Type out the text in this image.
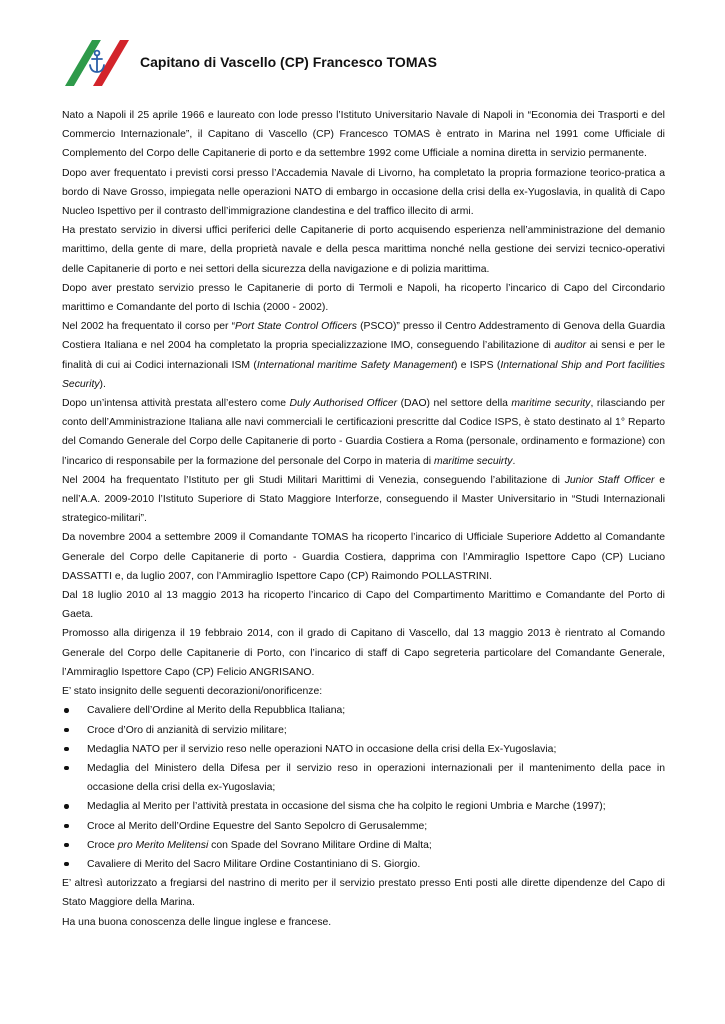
Capitano di Vascello (CP) Francesco TOMAS

Nato a Napoli il 25 aprile 1966 e laureato con lode presso l’Istituto Universitario Navale di Napoli in “Economia dei Trasporti e del Commercio Internazionale”, il Capitano di Vascello (CP) Francesco TOMAS è entrato in Marina nel 1991 come Ufficiale di Complemento del Corpo delle Capitanerie di porto e da settembre 1992 come Ufficiale a nomina diretta in servizio permanente.

Dopo aver frequentato i previsti corsi presso l’Accademia Navale di Livorno, ha completato la propria formazione teorico-pratica a bordo di Nave Grosso, impiegata nelle operazioni NATO di embargo in occasione della crisi della ex-Yugoslavia, in qualità di Capo Nucleo Ispettivo per il contrasto dell’immigrazione clandestina e del traffico illecito di armi.

Ha prestato servizio in diversi uffici periferici delle Capitanerie di porto acquisendo esperienza nell’amministrazione del demanio marittimo, della gente di mare, della proprietà navale e della pesca marittima nonché nella gestione dei servizi tecnico-operativi delle Capitanerie di porto e nei settori della sicurezza della navigazione e di polizia marittima.

Dopo aver prestato servizio presso le Capitanerie di porto di Termoli e Napoli, ha ricoperto l’incarico di Capo del Circondario marittimo e Comandante del porto di Ischia (2000 - 2002).

Nel 2002 ha frequentato il corso per “Port State Control Officers (PSCO)” presso il Centro Addestramento di Genova della Guardia Costiera Italiana e nel 2004 ha completato la propria specializzazione IMO, conseguendo l’abilitazione di auditor ai sensi e per le finalità di cui ai Codici internazionali ISM (International maritime Safety Management) e ISPS (International Ship and Port facilities Security).

Dopo un’intensa attività prestata all’estero come Duly Authorised Officer (DAO) nel settore della maritime security, rilasciando per conto dell’Amministrazione Italiana alle navi commerciali le certificazioni prescritte dal Codice ISPS, è stato destinato al 1° Reparto del Comando Generale del Corpo delle Capitanerie di porto - Guardia Costiera a Roma (personale, ordinamento e formazione) con l’incarico di responsabile per la formazione del personale del Corpo in materia di maritime secuirty.

Nel 2004 ha frequentato l’Istituto per gli Studi Militari Marittimi di Venezia, conseguendo l’abilitazione di Junior Staff Officer e nell’A.A. 2009-2010 l’Istituto Superiore di Stato Maggiore Interforze, conseguendo il Master Universitario in “Studi Internazionali strategico-militari”.

Da novembre 2004 a settembre 2009 il Comandante TOMAS ha ricoperto l’incarico di Ufficiale Superiore Addetto al Comandante Generale del Corpo delle Capitanerie di porto - Guardia Costiera, dapprima con l’Ammiraglio Ispettore Capo (CP) Luciano DASSATTI e, da luglio 2007, con l’Ammiraglio Ispettore Capo (CP) Raimondo POLLASTRINI.

Dal 18 luglio 2010 al 13 maggio 2013 ha ricoperto l’incarico di Capo del Compartimento Marittimo e Comandante del Porto di Gaeta.

Promosso alla dirigenza il 19 febbraio 2014, con il grado di Capitano di Vascello, dal 13 maggio 2013 è rientrato al Comando Generale del Corpo delle Capitanerie di Porto, con l’incarico di staff di Capo segreteria particolare del Comandante Generale, l’Ammiraglio Ispettore Capo (CP) Felicio ANGRISANO.

E’ stato insignito delle seguenti decorazioni/onorificenze:

Cavaliere dell’Ordine al Merito della Repubblica Italiana;
Croce d’Oro di anzianità di servizio militare;
Medaglia NATO per il servizio reso nelle operazioni NATO in occasione della crisi della Ex-Yugoslavia;
Medaglia del Ministero della Difesa per il servizio reso in operazioni internazionali per il mantenimento della pace in occasione della crisi della ex-Yugoslavia;
Medaglia al Merito per l’attività prestata in occasione del sisma che ha colpito le regioni Umbria e Marche (1997);
Croce al Merito dell’Ordine Equestre del Santo Sepolcro di Gerusalemme;
Croce pro Merito Melitensi con Spade del Sovrano Militare Ordine di Malta;
Cavaliere di Merito del Sacro Militare Ordine Costantiniano di S. Giorgio.

E’ altresì autorizzato a fregiarsi del nastrino di merito per il servizio prestato presso Enti posti alle dirette dipendenze del Capo di Stato Maggiore della Marina.

Ha una buona conoscenza delle lingue inglese e francese.
